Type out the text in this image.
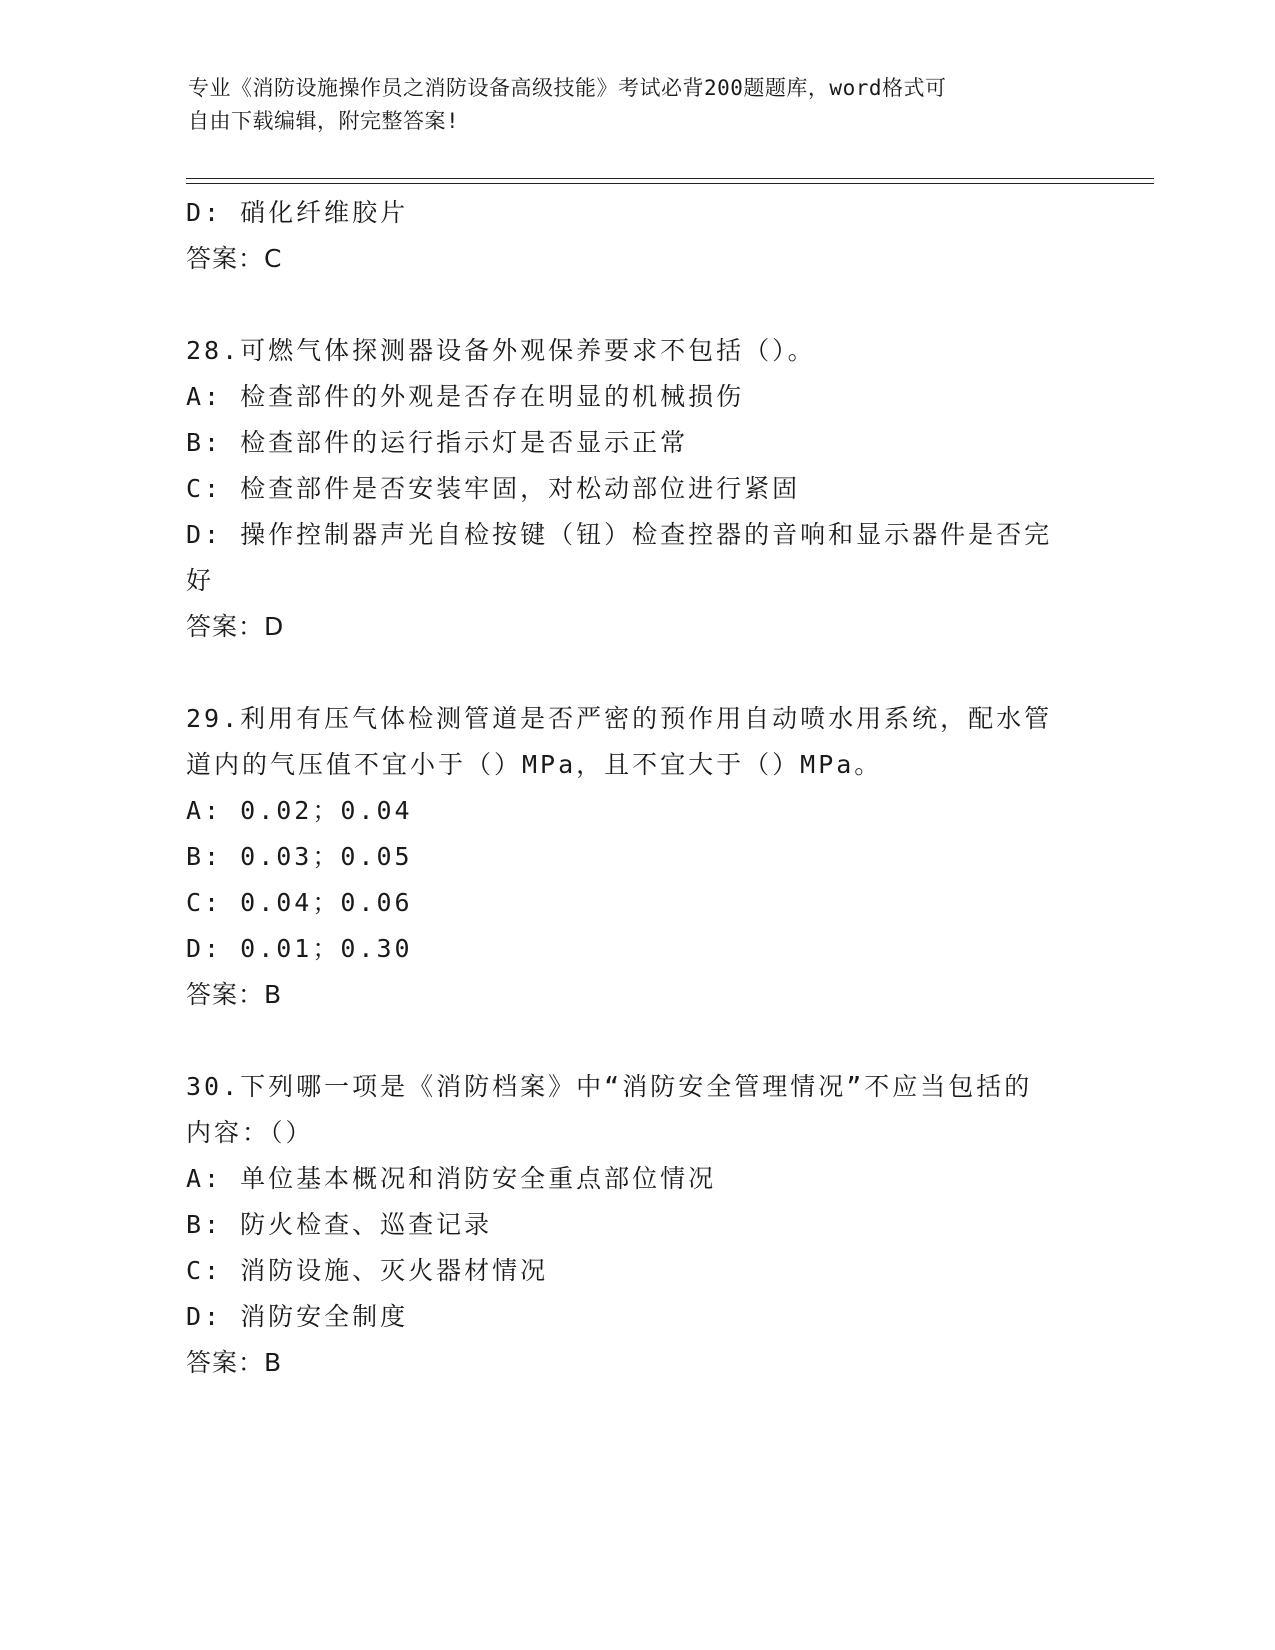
专业《消防设施操作员之消防设备高级技能》考试必背200题题库，word格式可
自由下载编辑，附完整答案!
D: 硝化纤维胶片
答案：C
28.可燃气体探测器设备外观保养要求不包括（）。
A: 检查部件的外观是否存在明显的机械损伤
B: 检查部件的运行指示灯是否显示正常
C: 检查部件是否安装牢固，对松动部位进行紧固
D: 操作控制器声光自检按键（钮）检查控器的音响和显示器件是否完
好
答案：D
29.利用有压气体检测管道是否严密的预作用自动喷水用系统，配水管
道内的气压值不宜小于（）MPa，且不宜大于（）MPa。
A: 0.02；0.04
B: 0.03；0.05
C: 0.04；0.06
D: 0.01；0.30
答案：B
30.下列哪一项是《消防档案》中“消防安全管理情况”不应当包括的
内容：（）
A: 单位基本概况和消防安全重点部位情况
B: 防火检查、巡查记录
C: 消防设施、灭火器材情况
D: 消防安全制度
答案：B
